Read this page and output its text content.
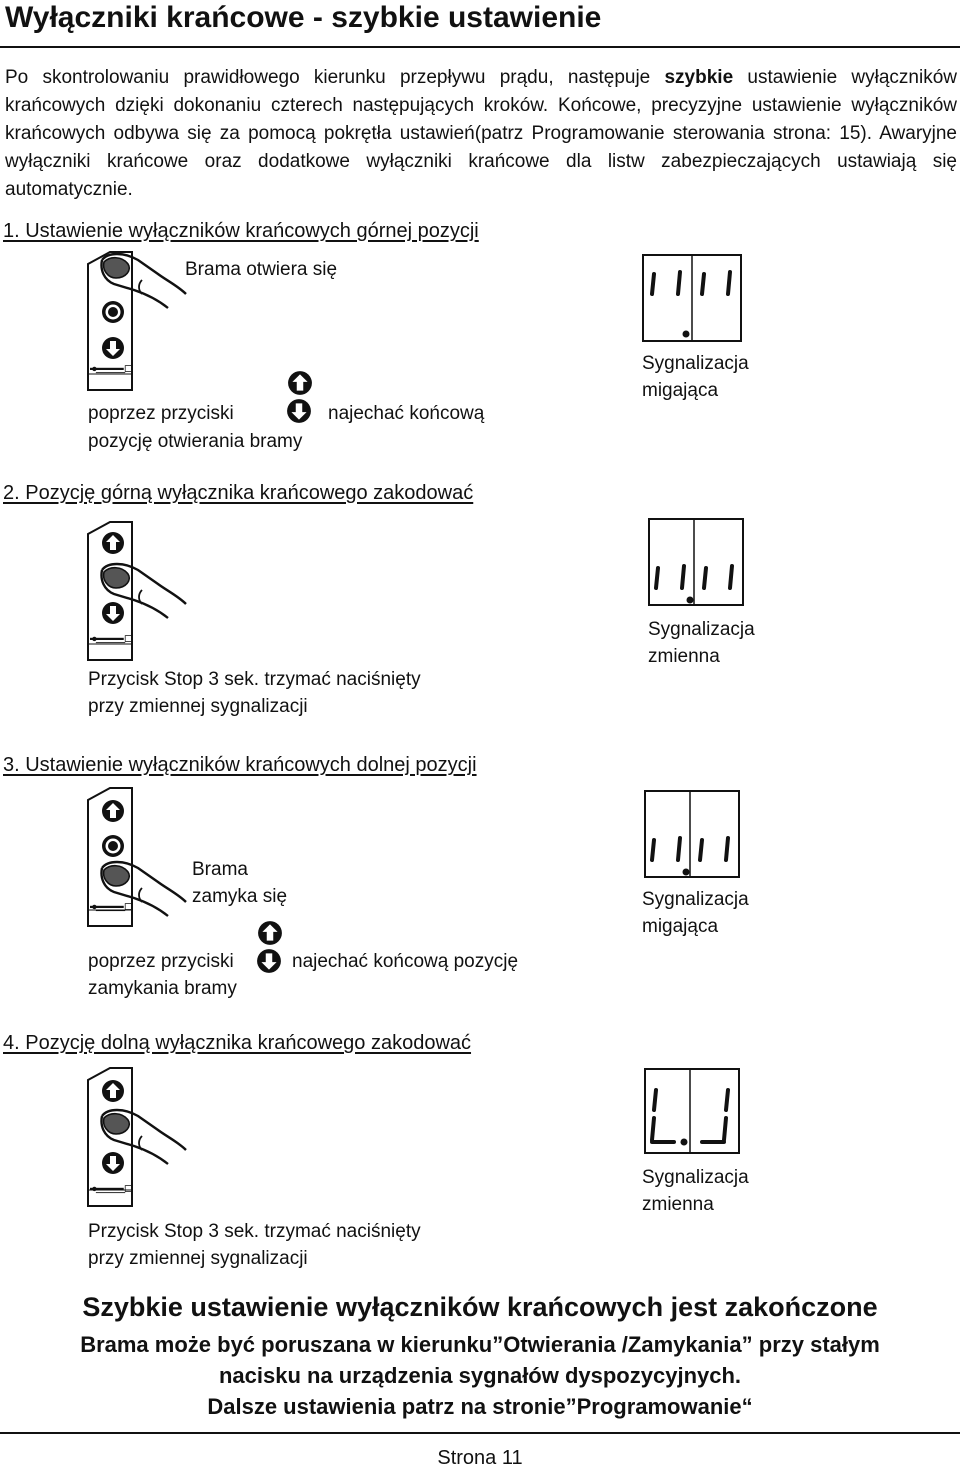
Wyłączniki krańcowe - szybkie ustawienie

Po skontrolowaniu prawidłowego kierunku przepływu prądu, następuje szybkie ustawienie wyłączników krańcowych dzięki dokonaniu czterech następujących kroków. Końcowe, precyzyjne ustawienie wyłączników krańcowych odbywa się za pomocą pokrętła ustawień(patrz Programowanie sterowania strona: 15). Awaryjne wyłączniki krańcowe oraz dodatkowe wyłączniki krańcowe dla listw zabezpieczających ustawiają się automatycznie.

1. Ustawienie wyłączników krańcowych górnej pozycji

Brama otwiera się

poprzez przyciski	najechać końcową

pozycję otwierania bramy

Sygnalizacja

migająca

2. Pozycję górną wyłącznika krańcowego zakodować

Przycisk Stop 3 sek. trzymać naciśnięty

przy zmiennej sygnalizacji

Sygnalizacja

zmienna

3. Ustawienie wyłączników krańcowych dolnej pozycji

Brama

zamyka się

poprzez przyciski	najechać końcową pozycję

zamykania bramy

Sygnalizacja

migająca

4. Pozycję dolną wyłącznika krańcowego zakodować

Przycisk Stop 3 sek. trzymać naciśnięty

przy zmiennej sygnalizacji

Sygnalizacja

zmienna

Szybkie ustawienie wyłączników krańcowych jest zakończone

Brama może być poruszana w kierunku”Otwierania /Zamykania” przy stałym

nacisku na urządzenia sygnałów dyspozycyjnych.

Dalsze ustawienia patrz na stronie”Programowanie“

Strona 11
